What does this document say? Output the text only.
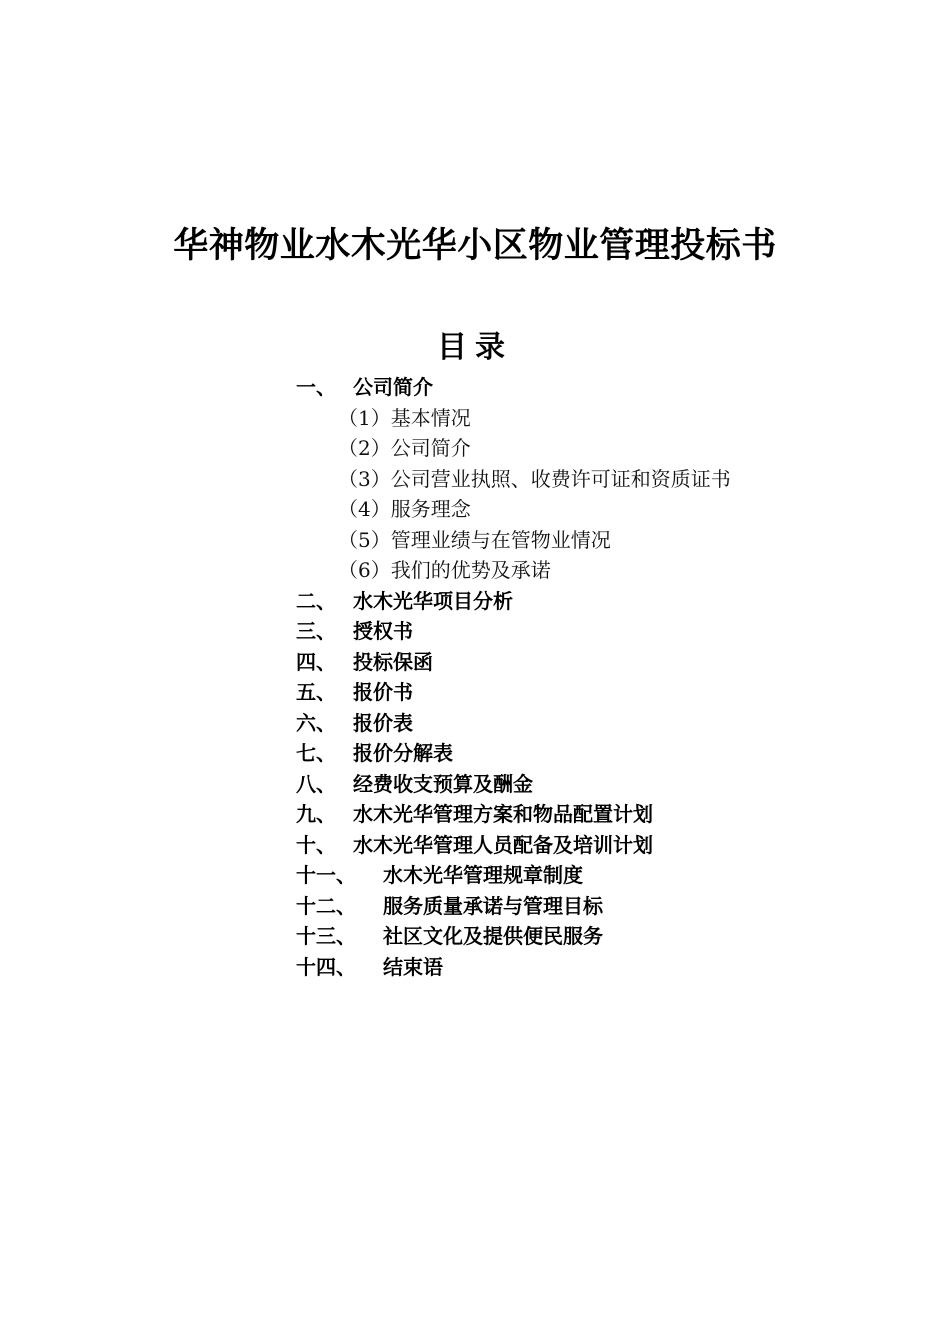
华神物业水木光华小区物业管理投标书
目录
一、 公司简介
（1）基本情况
（2）公司简介
（3）公司营业执照、收费许可证和资质证书
（4）服务理念
（5）管理业绩与在管物业情况
（6）我们的优势及承诺
二、 水木光华项目分析
三、 授权书
四、 投标保函
五、 报价书
六、 报价表
七、 报价分解表
八、 经费收支预算及酬金
九、 水木光华管理方案和物品配置计划
十、 水木光华管理人员配备及培训计划
十一、 水木光华管理规章制度
十二、 服务质量承诺与管理目标
十三、 社区文化及提供便民服务
十四、 结束语
